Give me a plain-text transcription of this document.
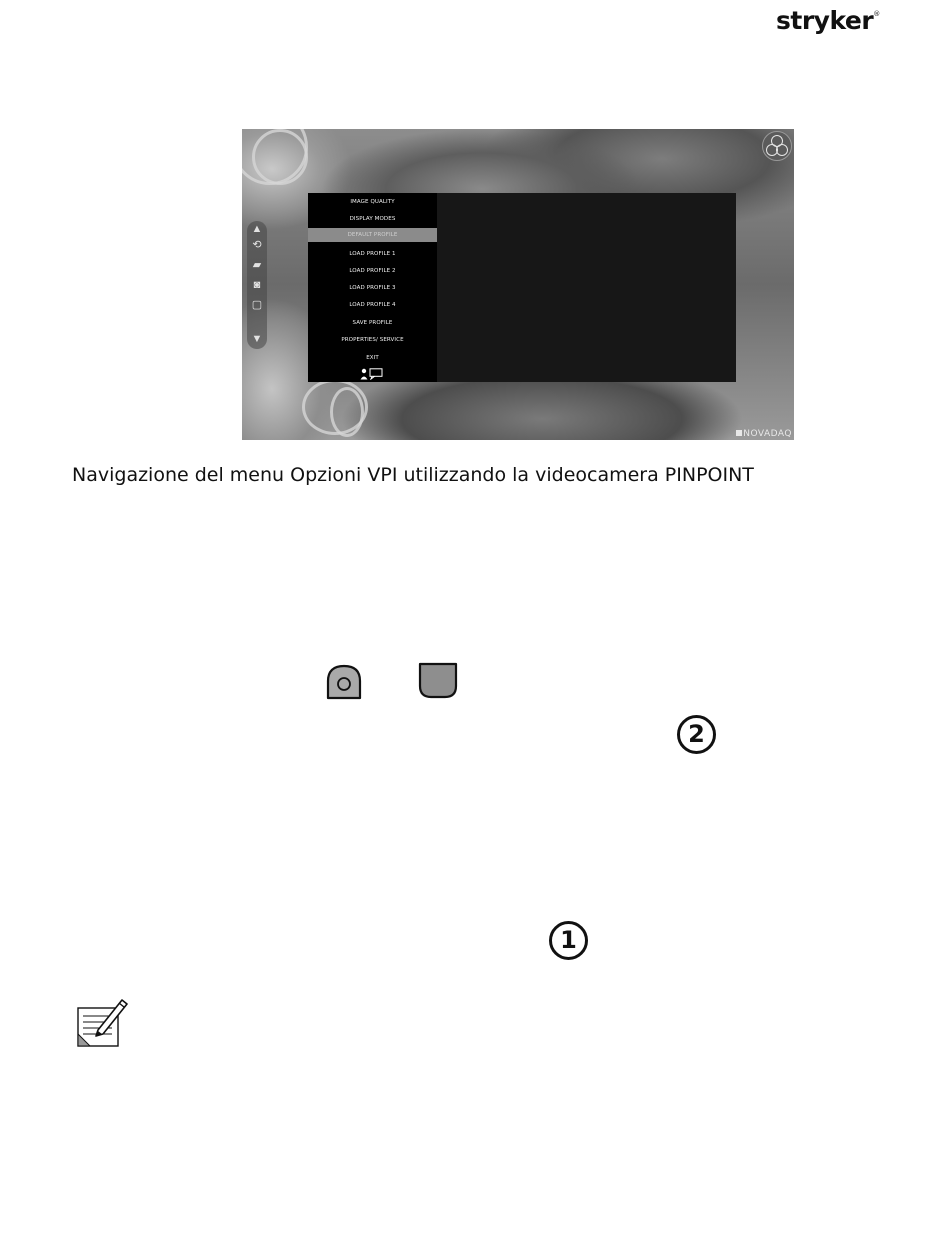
stryker®
▲
⟲
▰
◙
▢
▼
IMAGE QUALITY
DISPLAY MODES
DEFAULT PROFILE
LOAD PROFILE 1
LOAD PROFILE 2
LOAD PROFILE 3
LOAD PROFILE 4
SAVE PROFILE
PROPERTIES/ SERVICE
EXIT
NOVADAQ
Navigazione del menu Opzioni VPI utilizzando la videocamera PINPOINT
2
1
